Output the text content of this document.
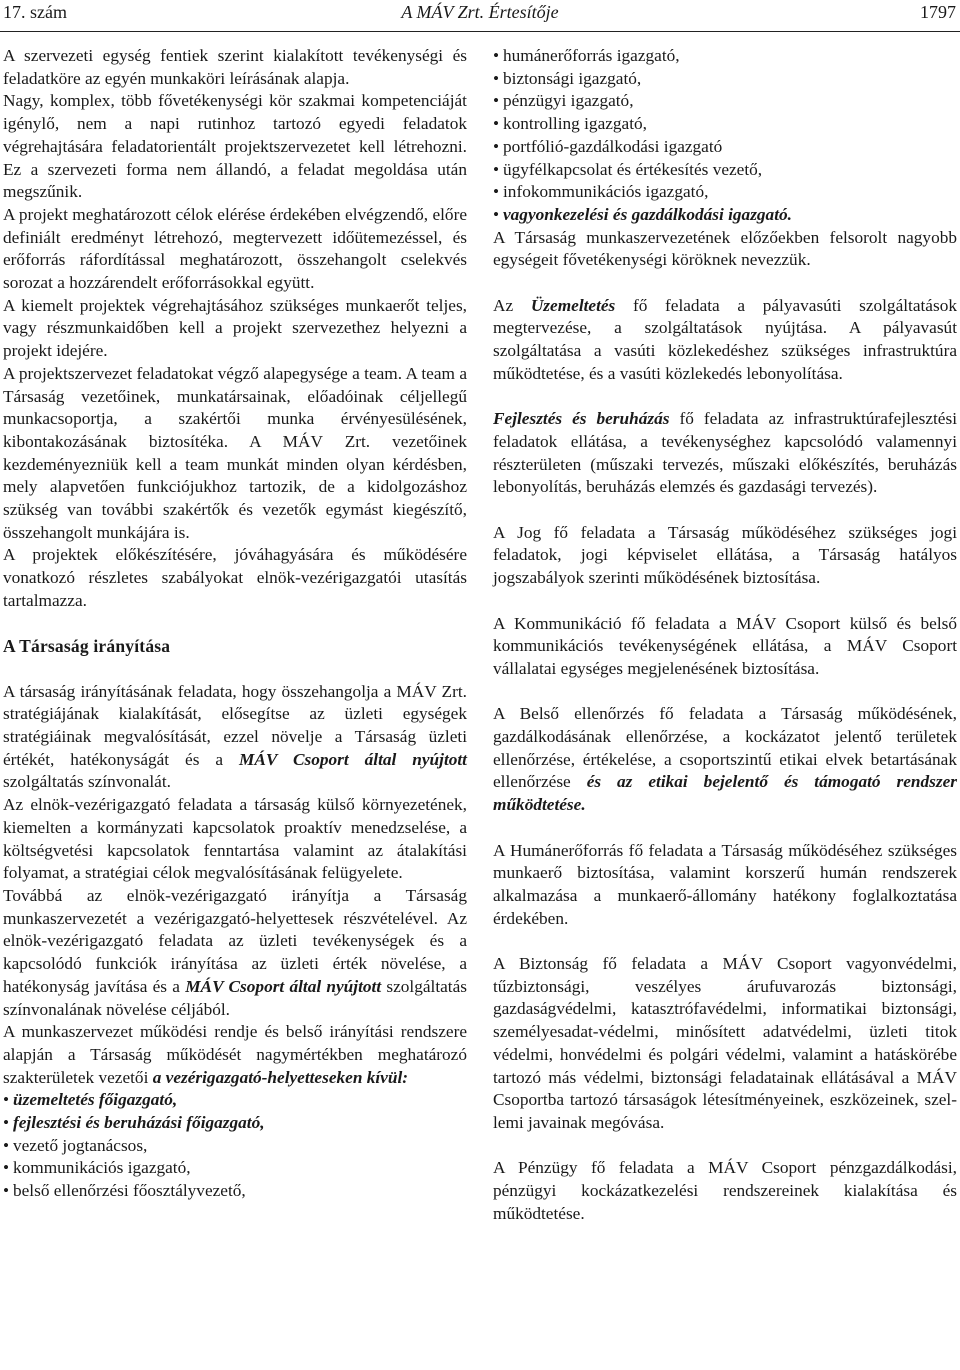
17. szám	A MÁV Zrt. Értesítője	1797

A szervezeti egység fentiek szerint kialakított tevékenységi és feladatköre az egyén munkaköri leírásának alapja.

Nagy, komplex, több fővetékenységi kör szakmai kompetenciáját igénylő, nem a napi rutinhoz tartozó egyedi feladatok végrehajtására feladatorientált projektszervezetet kell létrehozni. Ez a szervezeti forma nem állandó, a feladat megoldása után megszűnik.

A projekt meghatározott célok elérése érdekében elvégzendő, előre definiált eredményt létrehozó, megtervezett időütemezéssel, és erőforrás ráfordítással meghatározott, összehangolt cselekvés sorozat a hozzárendelt erőforrásokkal együtt.

A kiemelt projektek végrehajtásához szükséges munkaerőt teljes, vagy részmunkaidőben kell a projekt szervezethez helyezni a projekt idejére.

A projektszervezet feladatokat végző alapegysége a team. A team a Társaság vezetőinek, munkatársainak, előadóinak céljellegű munkacsoportja, a szakértői munka érvényesülésének, kibontakozásának biztosítéka. A MÁV Zrt. vezetőinek kezdeményezniük kell a team munkát minden olyan kérdésben, mely alapvetően funkciójukhoz tartozik, de a kidolgozáshoz szükség van további szakértők és vezetők egymást kiegészítő, összehangolt munkájára is.

A projektek előkészítésére, jóváhagyására és működésére vonatkozó részletes szabályokat elnök-vezérigazgatói utasítás tartalmazza.

A Társaság irányítása

A társaság irányításának feladata, hogy összehangolja a MÁV Zrt. stratégiájának kialakítását, elősegítse az üzleti egységek stratégiáinak megvalósítását, ezzel növelje a Társaság üzleti értékét, hatékonyságát és a MÁV Csoport által nyújtott szolgáltatás színvonalát.

Az elnök-vezérigazgató feladata a társaság külső környezetének, kiemelten a kormányzati kapcsolatok proaktív menedzselése, a költségvetési kapcsolatok fenntartása valamint az átalakítási folyamat, a stratégiai célok megvalósításának felügyelete.

Továbbá az elnök-vezérigazgató irányítja a Társaság munkaszervezetét a vezérigazgató-helyettesek részvételével. Az elnök-vezérigazgató feladata az üzleti tevékenységek és a kapcsolódó funkciók irányítása az üzleti érték növelése, a hatékonyság javítása és a MÁV Csoport által nyújtott szolgáltatás színvonalának növelése céljából.

A munkaszervezet működési rendje és belső irányítási rendszere alapján a Társaság működését nagymértékben meghatározó szakterületek vezetői a vezérigazgató-helyetteseken kívül:

• üzemeltetés főigazgató,
• fejlesztési és beruházási főigazgató,
• vezető jogtanácsos,
• kommunikációs igazgató,
• belső ellenőrzési főosztályvezető,
• humánerőforrás igazgató,
• biztonsági igazgató,
• pénzügyi igazgató,
• kontrolling igazgató,
• portfólió-gazdálkodási igazgató
• ügyfélkapcsolat és értékesítés vezető,
• infokommunikációs igazgató,
• vagyonkezelési és gazdálkodási igazgató.

A Társaság munkaszervezetének előzőekben felsorolt nagyobb egységeit fővetékenységi köröknek nevezzük.

Az Üzemeltetés fő feladata a pályavasúti szolgáltatások megtervezése, a szolgáltatások nyújtása. A pályavasút szolgáltatása a vasúti közlekedéshez szükséges infrastruktúra működtetése, és a vasúti közlekedés lebonyolítása.

Fejlesztés és beruházás fő feladata az infrastruktúrafejlesztési feladatok ellátása, a tevékenységhez kapcsolódó valamennyi részterületen (műszaki tervezés, műszaki előkészítés, beruházás lebonyolítás, beruházás elemzés és gazdasági tervezés).

A Jog fő feladata a Társaság működéséhez szükséges jogi feladatok, jogi képviselet ellátása, a Társaság hatályos jogszabályok szerinti működésének biztosítása.

A Kommunikáció fő feladata a MÁV Csoport külső és belső kommunikációs tevékenységének ellátása, a MÁV Csoport vállalatai egységes megjelenésének biztosítása.

A Belső ellenőrzés fő feladata a Társaság működésének, gazdálkodásának ellenőrzése, a kockázatot jelentő területek ellenőrzése, értékelése, a csoportszintű etikai elvek betartásának ellenőrzése és az etikai bejelentő és támogató rendszer működtetése.

A Humánerőforrás fő feladata a Társaság működéséhez szükséges munkaerő biztosítása, valamint korszerű humán rendszerek alkalmazása a munkaerő-állomány hatékony foglalkoztatása érdekében.

A Biztonság fő feladata a MÁV Csoport vagyonvédelmi, tűzbiztonsági, veszélyes árufuvarozás biztonsági, gazdaságvédelmi, katasztrófavédelmi, informatikai biztonsági, személyesadat-védelmi, minősített adatvédelmi, üzleti titok védelmi, honvédelmi és polgári védelmi, valamint a hatáskörébe tartozó más védelmi, biztonsági feladatainak ellátásával a MÁV Csoportba tartozó társaságok létesítményeinek, eszközeinek, szellemi javainak megóvása.

A Pénzügy fő feladata a MÁV Csoport pénzgazdálkodási, pénzügyi kockázatkezelési rendszereinek kialakítása és működtetése.
